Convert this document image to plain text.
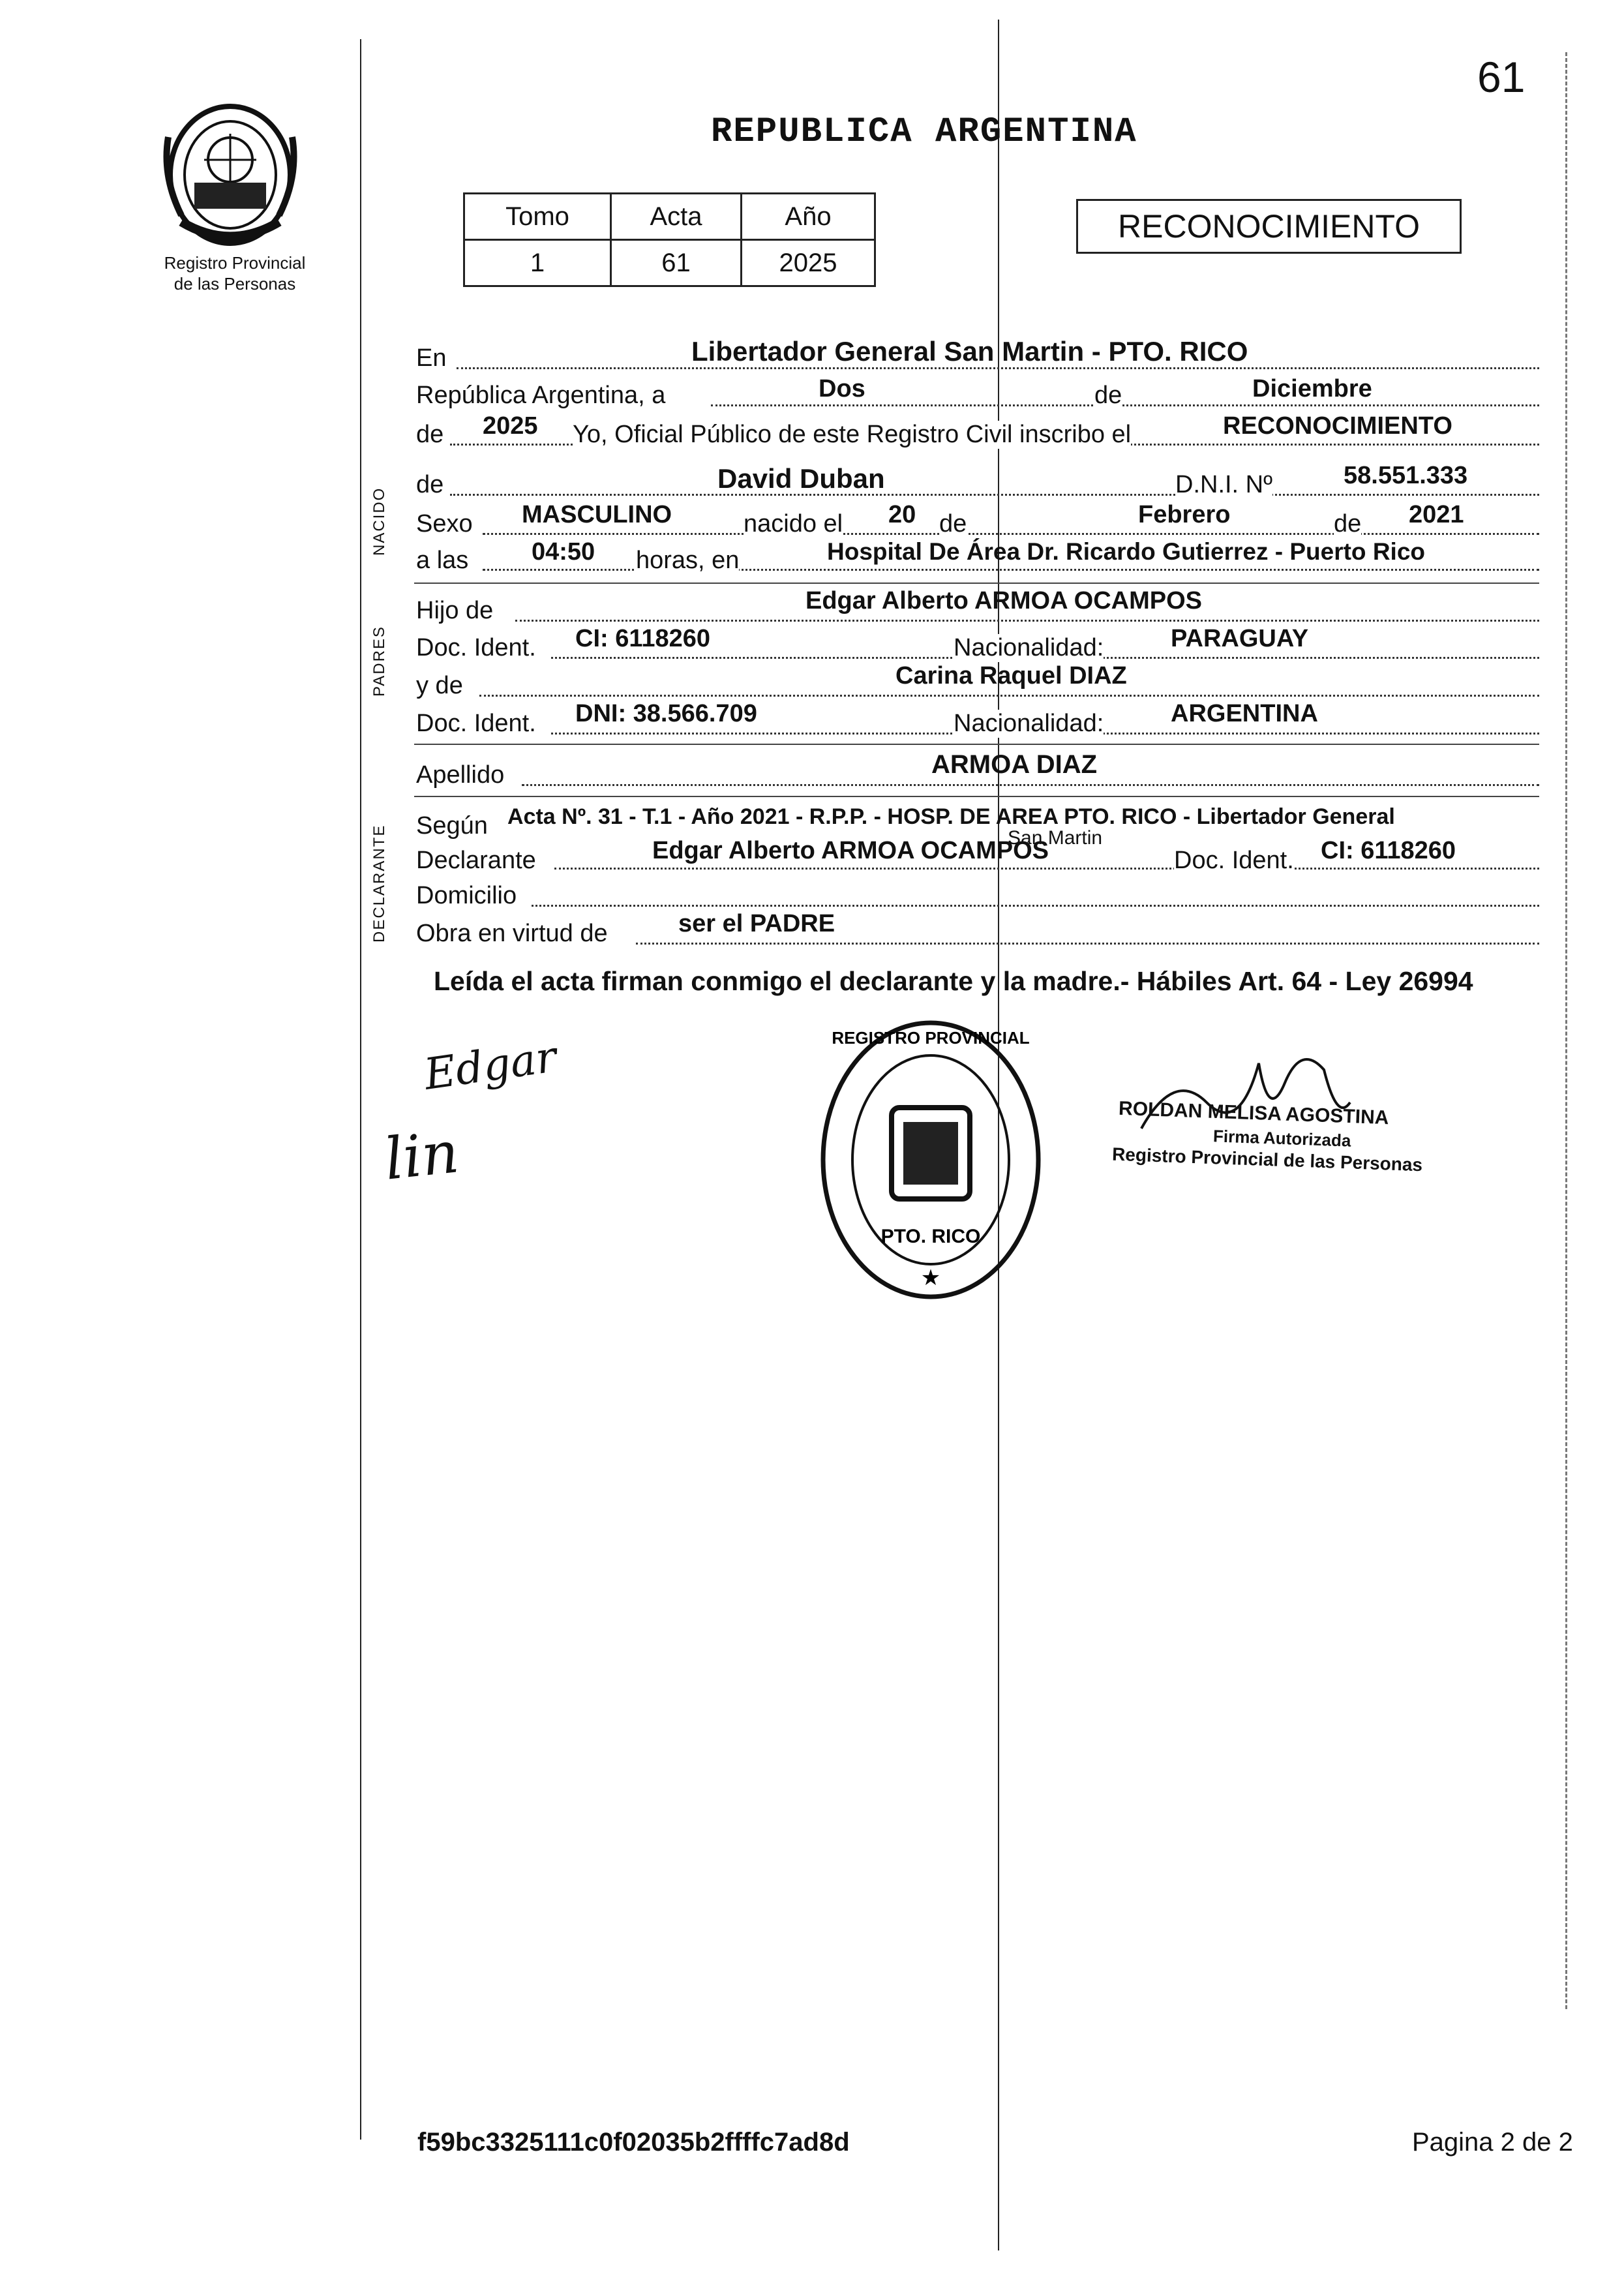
61
Registro Provincial
de las Personas
REPUBLICA ARGENTINA
Tomo	Acta	Año
1	61	2025
RECONOCIMIENTO
NACIDO
PADRES
DECLARANTE
En	Libertador General San Martin - PTO. RICO
República Argentina, a	Dos	de	Diciembre
de 2025 Yo, Oficial Público de este Registro Civil inscribo el	RECONOCIMIENTO
de	David Duban	D.N.I. Nº	58.551.333
Sexo MASCULINO	nacido el 20 de	Febrero	de 2021
a las	04:50 horas, en	Hospital De Área Dr. Ricardo Gutierrez - Puerto Rico
Hijo de	Edgar Alberto ARMOA OCAMPOS
Doc. Ident. CI: 6118260	Nacionalidad:	PARAGUAY
y de	Carina Raquel DIAZ
Doc. Ident. DNI: 38.566.709	Nacionalidad:	ARGENTINA
Apellido	ARMOA DIAZ
Según Acta Nº. 31 - T.1 - Año 2021 - R.P.P. - HOSP. DE AREA PTO. RICO - Libertador General
San Martin
Declarante	Edgar Alberto ARMOA OCAMPOS	Doc. Ident. CI: 6118260
Domicilio
Obra en virtud de	ser el PADRE
Leída el acta firman conmigo el declarante y la madre.- Hábiles Art. 64 - Ley 26994
Edgar
lin
REGISTRO PROVINCIAL
PTO. RICO
★
ROLDAN MELISA AGOSTINA
Firma Autorizada
Registro Provincial de las Personas
f59bc3325111c0f02035b2ffffc7ad8d	Pagina 2 de 2
